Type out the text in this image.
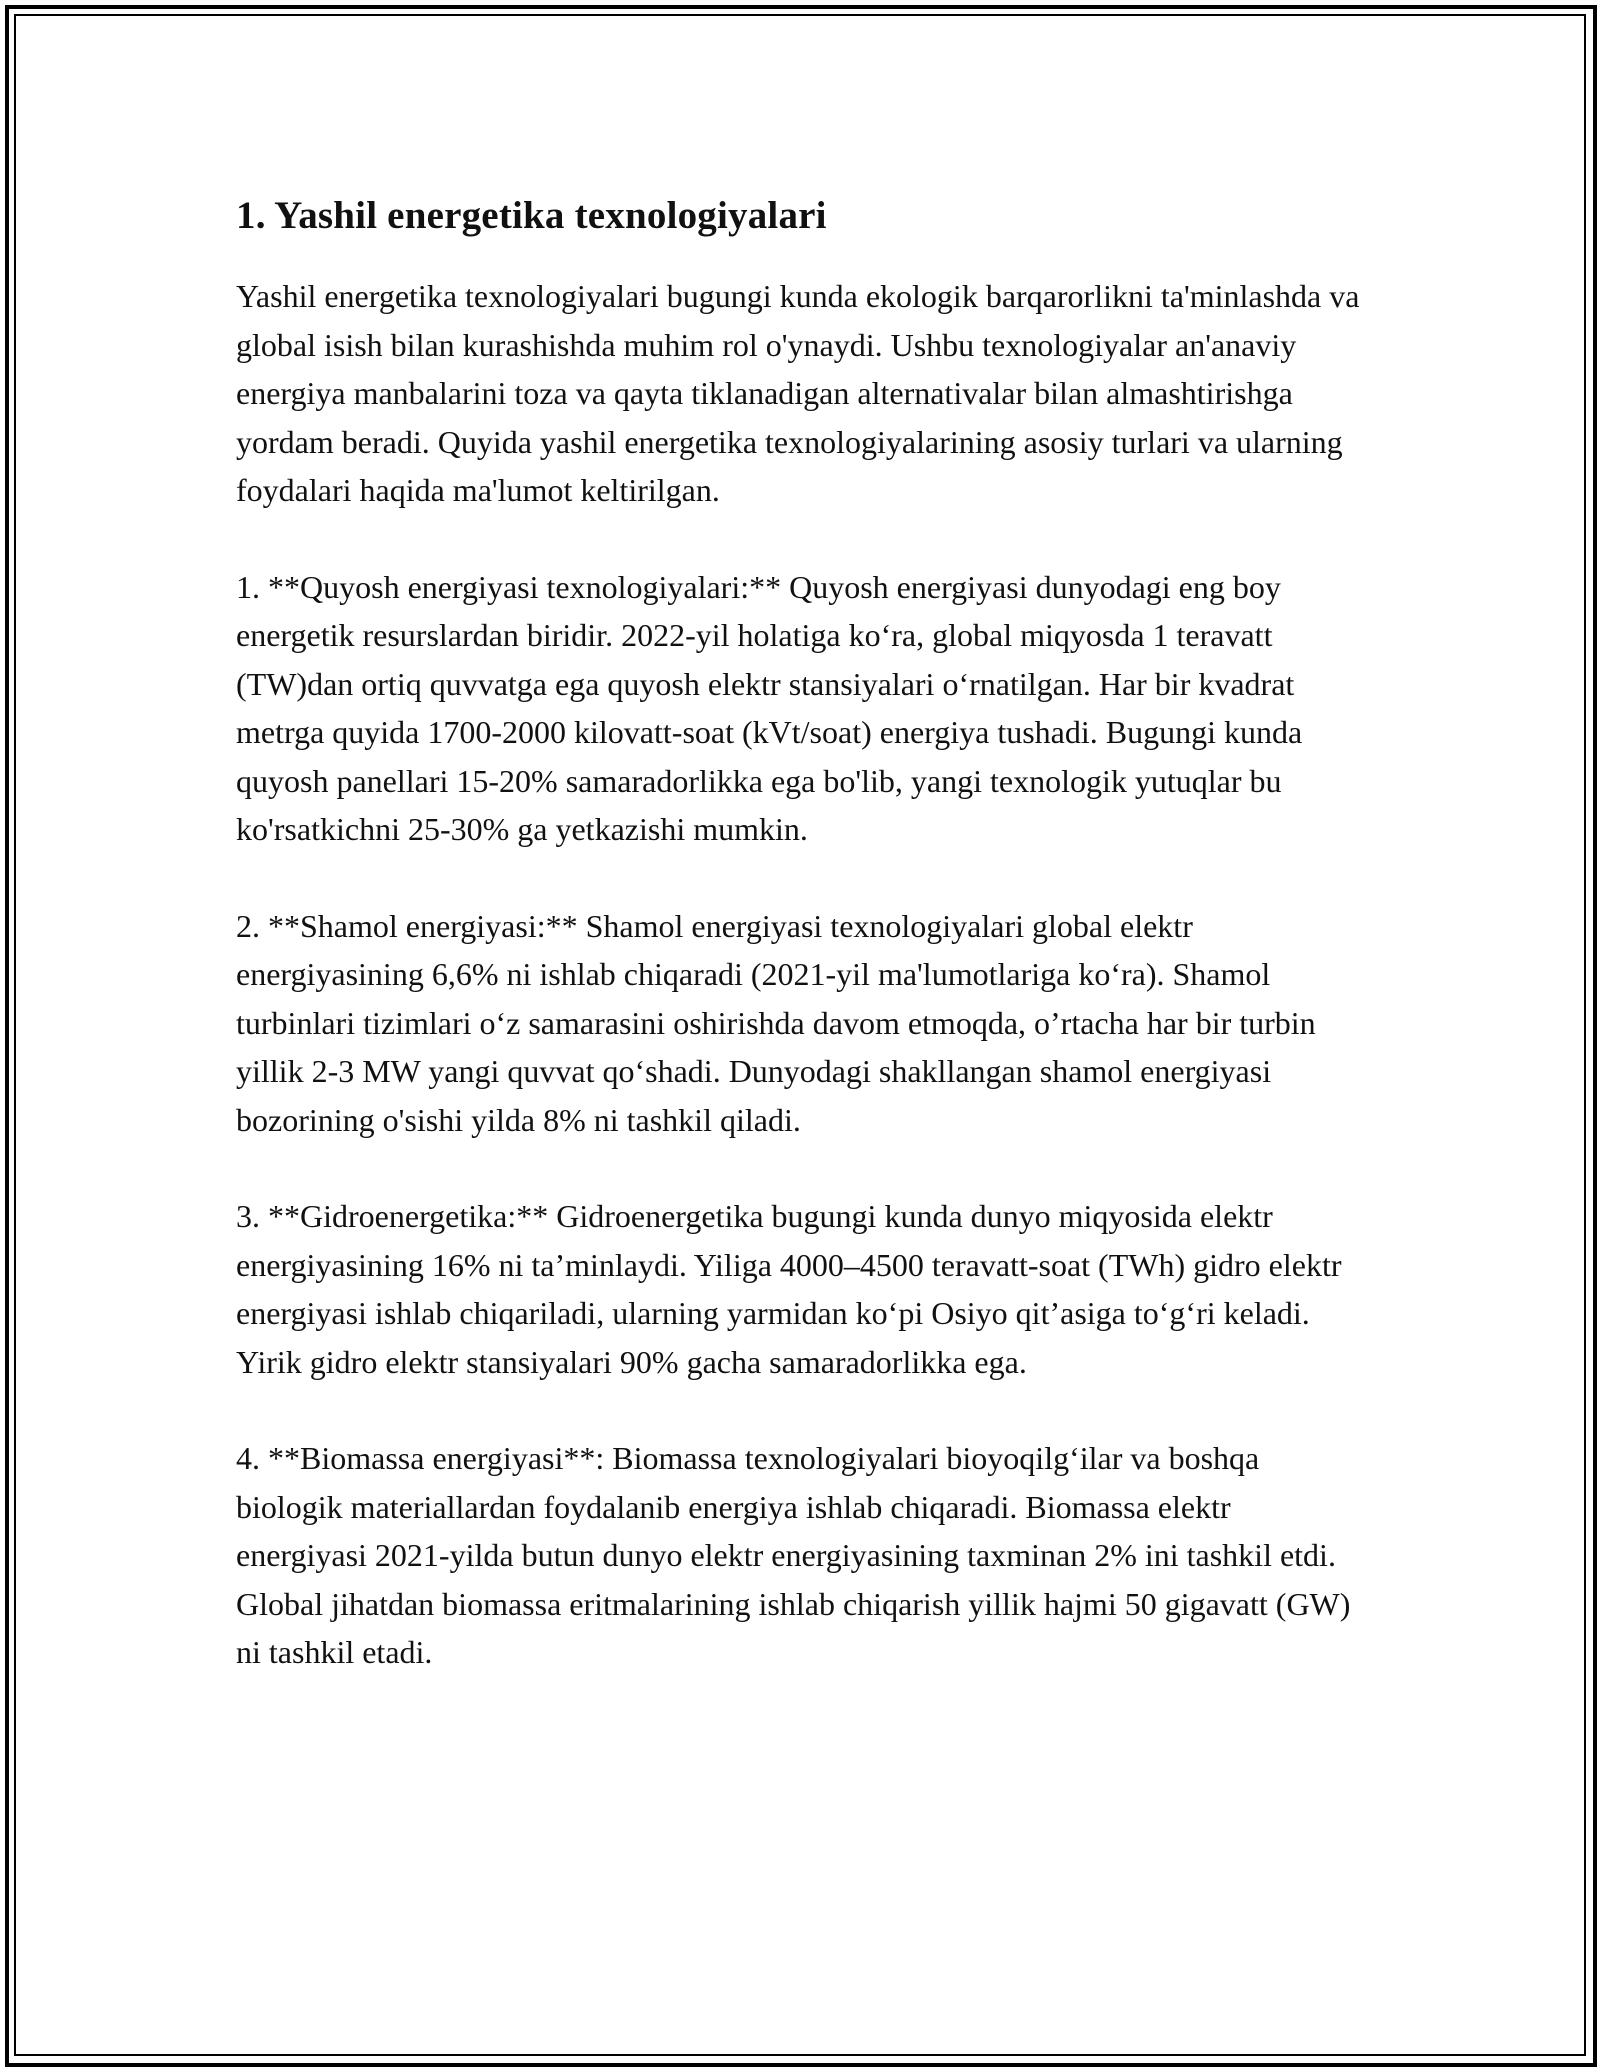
1. Yashil energetika texnologiyalari

Yashil energetika texnologiyalari bugungi kunda ekologik barqarorlikni ta'minlashda va global isish bilan kurashishda muhim rol o'ynaydi. Ushbu texnologiyalar an'anaviy energiya manbalarini toza va qayta tiklanadigan alternativalar bilan almashtirishga yordam beradi. Quyida yashil energetika texnologiyalarining asosiy turlari va ularning foydalari haqida ma'lumot keltirilgan.

1. **Quyosh energiyasi texnologiyalari:** Quyosh energiyasi dunyodagi eng boy energetik resurslardan biridir. 2022-yil holatiga koʻra, global miqyosda 1 teravatt (TW)dan ortiq quvvatga ega quyosh elektr stansiyalari oʻrnatilgan. Har bir kvadrat metrga quyida 1700-2000 kilovatt-soat (kVt/soat) energiya tushadi. Bugungi kunda quyosh panellari 15-20% samaradorlikka ega bo'lib, yangi texnologik yutuqlar bu ko'rsatkichni 25-30% ga yetkazishi mumkin.

2. **Shamol energiyasi:** Shamol energiyasi texnologiyalari global elektr energiyasining 6,6% ni ishlab chiqaradi (2021-yil ma'lumotlariga koʻra). Shamol turbinlari tizimlari oʻz samarasini oshirishda davom etmoqda, o’rtacha har bir turbin yillik 2-3 MW yangi quvvat qoʻshadi. Dunyodagi shakllangan shamol energiyasi bozorining o'sishi yilda 8% ni tashkil qiladi.

3. **Gidroenergetika:** Gidroenergetika bugungi kunda dunyo miqyosida elektr energiyasining 16% ni ta’minlaydi. Yiliga 4000–4500 teravatt-soat (TWh) gidro elektr energiyasi ishlab chiqariladi, ularning yarmidan koʻpi Osiyo qit’asiga toʻgʻri keladi. Yirik gidro elektr stansiyalari 90% gacha samaradorlikka ega.

4. **Biomassa energiyasi**: Biomassa texnologiyalari bioyoqilgʻilar va boshqa biologik materiallardan foydalanib energiya ishlab chiqaradi. Biomassa elektr energiyasi 2021-yilda butun dunyo elektr energiyasining taxminan 2% ini tashkil etdi. Global jihatdan biomassa eritmalarining ishlab chiqarish yillik hajmi 50 gigavatt (GW) ni tashkil etadi.
